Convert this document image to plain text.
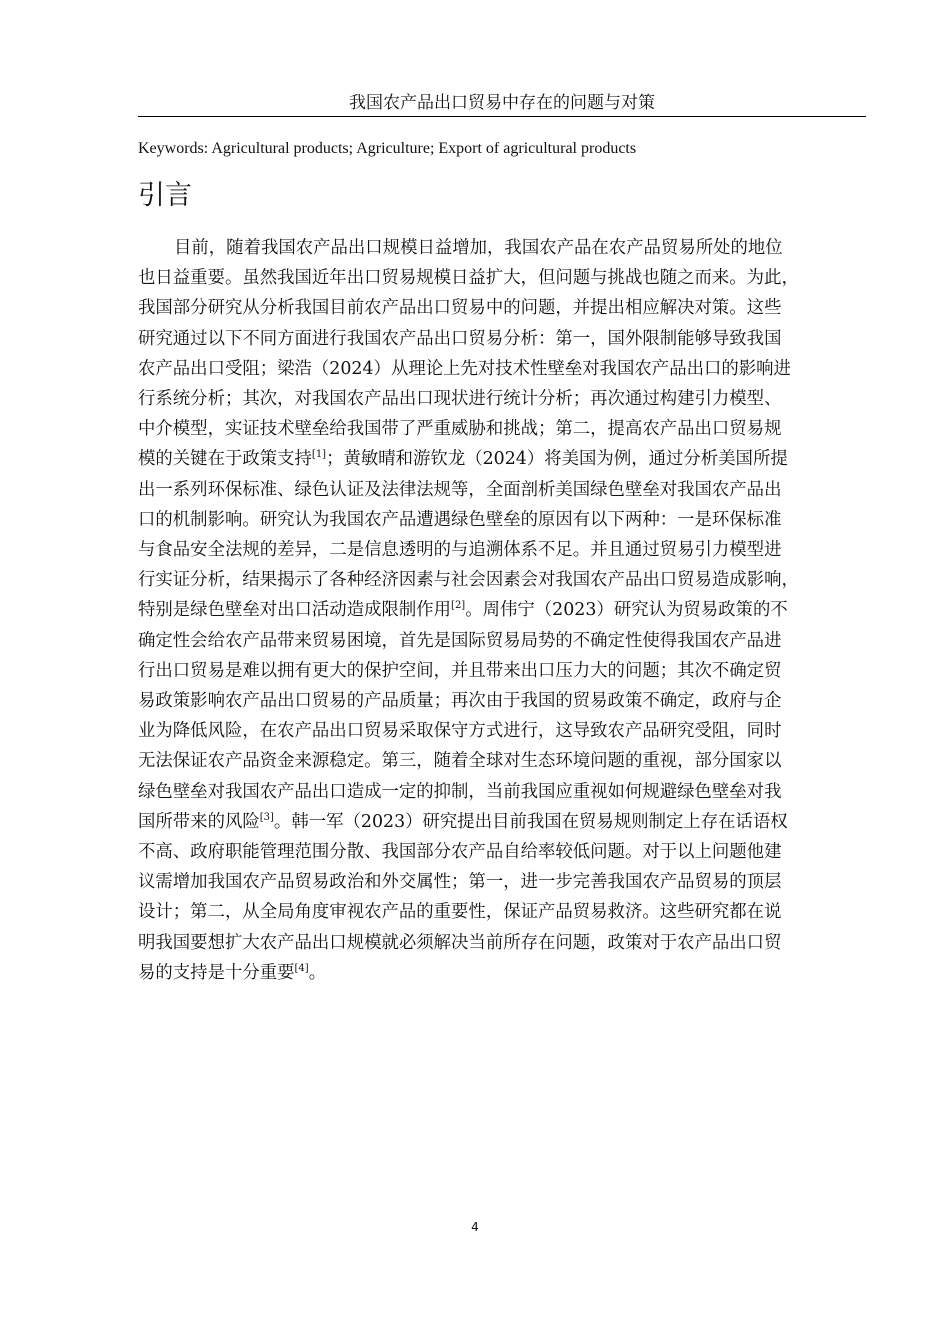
我国农产品出口贸易中存在的问题与对策
Keywords: Agricultural products; Agriculture; Export of agricultural products
引言
目前，随着我国农产品出口规模日益增加，我国农产品在农产品贸易所处的地位
也日益重要。虽然我国近年出口贸易规模日益扩大，但问题与挑战也随之而来。为此，
我国部分研究从分析我国目前农产品出口贸易中的问题，并提出相应解决对策。这些
研究通过以下不同方面进行我国农产品出口贸易分析：第一，国外限制能够导致我国
农产品出口受阻；梁浩（2024）从理论上先对技术性壁垒对我国农产品出口的影响进
行系统分析；其次，对我国农产品出口现状进行统计分析；再次通过构建引力模型、
中介模型，实证技术壁垒给我国带了严重威胁和挑战；第二，提高农产品出口贸易规
模的关键在于政策支持[1]；黄敏晴和游钦龙（2024）将美国为例，通过分析美国所提
出一系列环保标准、绿色认证及法律法规等，全面剖析美国绿色壁垒对我国农产品出
口的机制影响。研究认为我国农产品遭遇绿色壁垒的原因有以下两种：一是环保标准
与食品安全法规的差异，二是信息透明的与追溯体系不足。并且通过贸易引力模型进
行实证分析，结果揭示了各种经济因素与社会因素会对我国农产品出口贸易造成影响，
特别是绿色壁垒对出口活动造成限制作用[2]。周伟宁（2023）研究认为贸易政策的不
确定性会给农产品带来贸易困境，首先是国际贸易局势的不确定性使得我国农产品进
行出口贸易是难以拥有更大的保护空间，并且带来出口压力大的问题；其次不确定贸
易政策影响农产品出口贸易的产品质量；再次由于我国的贸易政策不确定，政府与企
业为降低风险，在农产品出口贸易采取保守方式进行，这导致农产品研究受阻，同时
无法保证农产品资金来源稳定。第三，随着全球对生态环境问题的重视，部分国家以
绿色壁垒对我国农产品出口造成一定的抑制，当前我国应重视如何规避绿色壁垒对我
国所带来的风险[3]。韩一军（2023）研究提出目前我国在贸易规则制定上存在话语权
不高、政府职能管理范围分散、我国部分农产品自给率较低问题。对于以上问题他建
议需增加我国农产品贸易政治和外交属性；第一，进一步完善我国农产品贸易的顶层
设计；第二，从全局角度审视农产品的重要性，保证产品贸易救济。这些研究都在说
明我国要想扩大农产品出口规模就必须解决当前所存在问题，政策对于农产品出口贸
易的支持是十分重要[4]。
4
